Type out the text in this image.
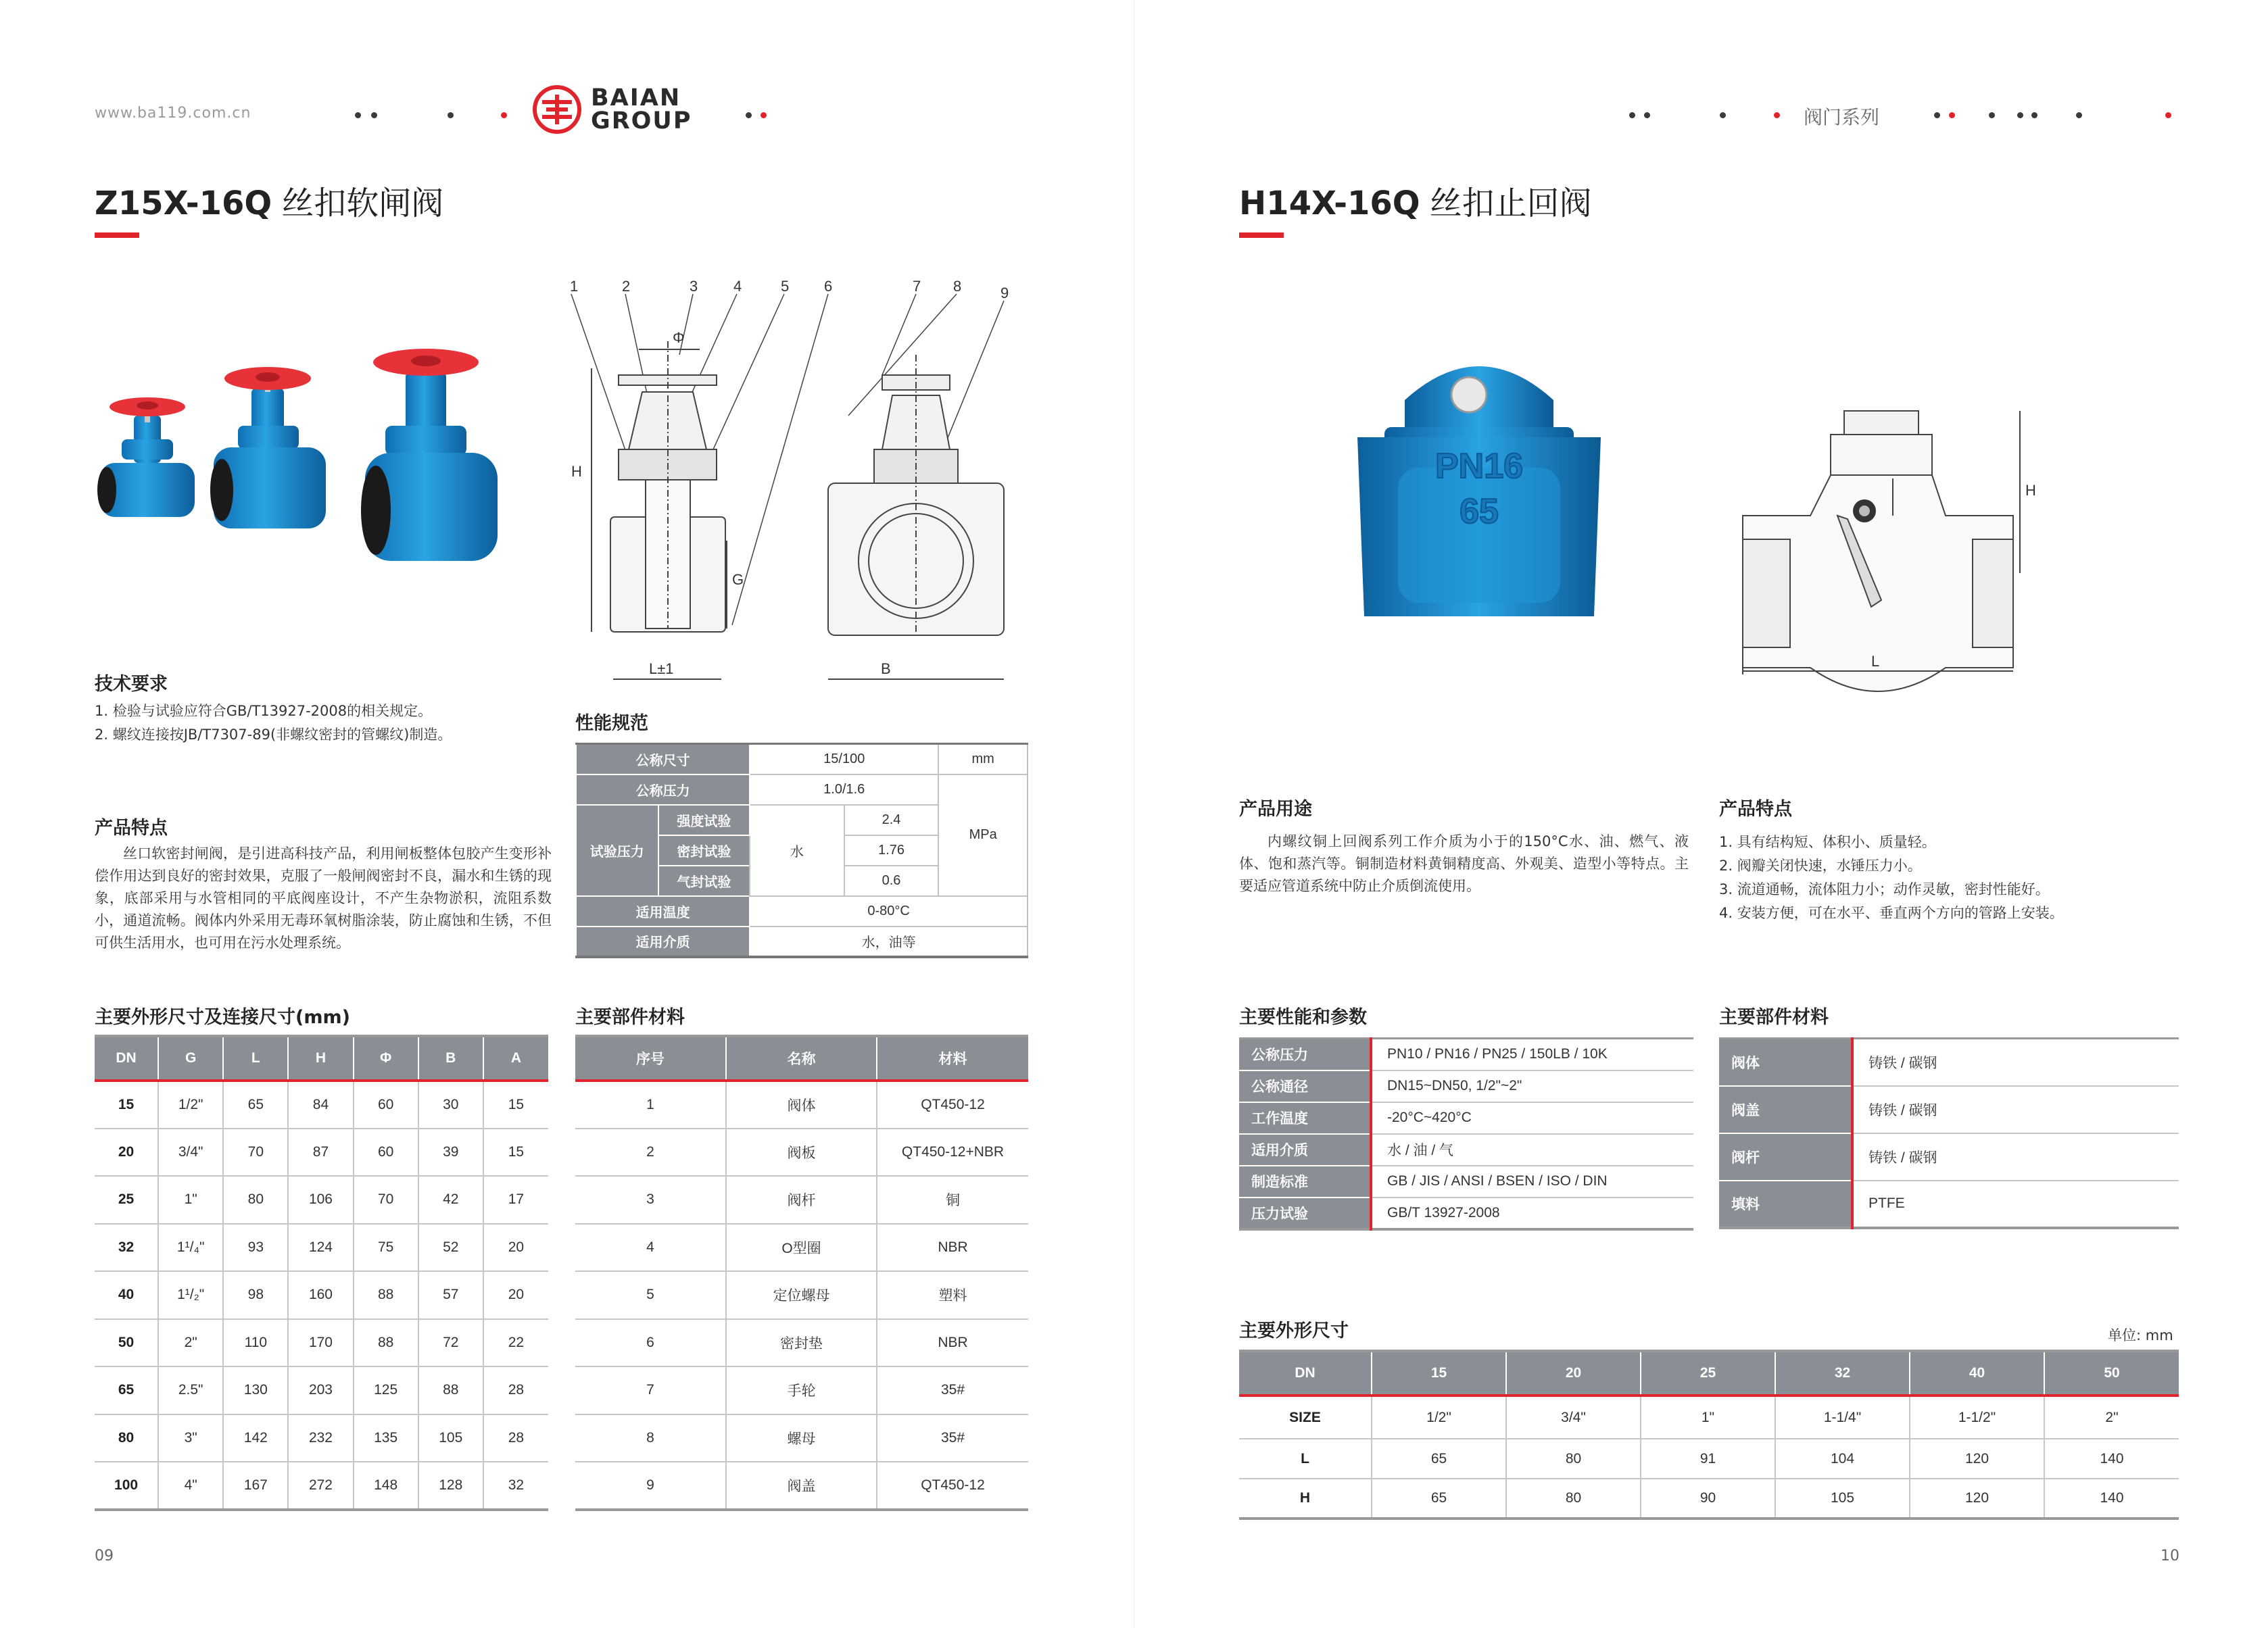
www.ba119.com.cn
BAIAN
GROUP
Z15X-16Q 丝扣软闸阀
1	2	3 4	5 6	7 8	9
Φ
H
G
L±1	B
技术要求
1. 检验与试验应符合GB/T13927-2008的相关规定。
2. 螺纹连接按JB/T7307-89(非螺纹密封的管螺纹)制造。
产品特点
丝口软密封闸阀，是引进高科技产品，利用闸板整体包胶产生变形补偿作用达到良好的密封效果，克服了一般闸阀密封不良，漏水和生锈的现象，底部采用与水管相同的平底阀座设计，不产生杂物淤积，流阻系数小，通道流畅。阀体内外采用无毒环氧树脂涂装，防止腐蚀和生锈，不但可供生活用水，也可用在污水处理系统。
性能规范
公称尺寸		15/100		mm
公称压力		1.0/1.6		MPa
试验压力	强度试验	水	2.4	
	密封试验		1.76	
	气封试验		0.6	
适用温度		0-80°C		
适用介质		水，油等		
主要外形尺寸及连接尺寸(mm)
DN	G	L	H	Φ	B	A
15	1/2"	65	84	60	30	15
20	3/4"	70	87	60	39	15
25	1"	80	106	70	42	17
32	1¹/₄"	93	124	75	52	20
40	1¹/₂"	98	160	88	57	20
50	2"	110	170	88	72	22
65	2.5"	130	203	125	88	28
80	3"	142	232	135	105	28
100	4"	167	272	148	128	32
主要部件材料
序号	名称	材料
1	阀体	QT450-12
2	阀板	QT450-12+NBR
3	阀杆	铜
4	O型圈	NBR
5	定位螺母	塑料
6	密封垫	NBR
7	手轮	35#
8	螺母	35#
9	阀盖	QT450-12
09
阀门系列
H14X-16Q 丝扣止回阀
PN16
65
L
H
产品用途
内螺纹铜上回阀系列工作介质为小于的150°C水、油、燃气、液体、饱和蒸汽等。铜制造材料黄铜精度高、外观美、造型小等特点。主要适应管道系统中防止介质倒流使用。
产品特点
1. 具有结构短、体积小、质量轻。
2. 阀瓣关闭快速，水锤压力小。
3. 流道通畅，流体阻力小；动作灵敏，密封性能好。
4. 安装方便，可在水平、垂直两个方向的管路上安装。
主要性能和参数
公称压力	PN10 / PN16 / PN25 / 150LB / 10K
公称通径	DN15~DN50, 1/2"~2"
工作温度	-20°C~420°C
适用介质	水 / 油 / 气
制造标准	GB / JIS / ANSI / BSEN / ISO / DIN
压力试验	GB/T 13927-2008
主要部件材料
阀体	铸铁 / 碳钢
阀盖	铸铁 / 碳钢
阀杆	铸铁 / 碳钢
填料	PTFE
主要外形尺寸	单位: mm
DN	15	20	25	32	40	50
SIZE	1/2"	3/4"	1"	1-1/4"	1-1/2"	2"
L	65	80	91	104	120	140
H	65	80	90	105	120	140
10
